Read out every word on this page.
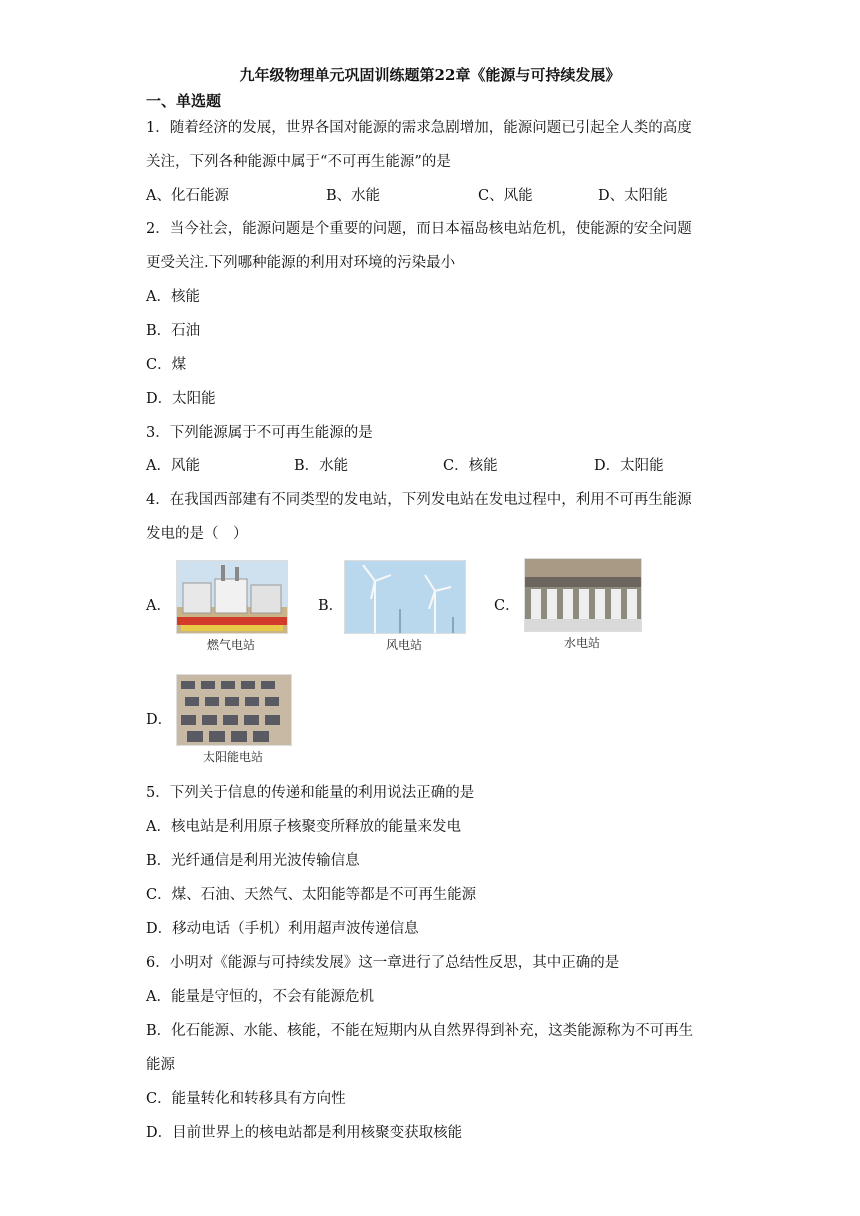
九年级物理单元巩固训练题第22章《能源与可持续发展》
一、单选题
1．随着经济的发展，世界各国对能源的需求急剧增加，能源问题已引起全人类的高度
关注，下列各种能源中属于“不可再生能源”的是
A、化石能源	B、水能	C、风能	D、太阳能
2．当今社会，能源问题是个重要的问题，而日本福岛核电站危机，使能源的安全问题
更受关注.下列哪种能源的利用对环境的污染最小
A．核能
B．石油
C．煤
D．太阳能
3．下列能源属于不可再生能源的是
A．风能	B．水能	C．核能	D．太阳能
4．在我国西部建有不同类型的发电站，下列发电站在发电过程中，利用不可再生能源
发电的是（　）
A．
燃气电站
B．
风电站
C．
水电站
D．
太阳能电站
5．下列关于信息的传递和能量的利用说法正确的是
A．核电站是利用原子核聚变所释放的能量来发电
B．光纤通信是利用光波传输信息
C．煤、石油、天然气、太阳能等都是不可再生能源
D．移动电话（手机）利用超声波传递信息
6．小明对《能源与可持续发展》这一章进行了总结性反思，其中正确的是
A．能量是守恒的，不会有能源危机
B．化石能源、水能、核能，不能在短期内从自然界得到补充，这类能源称为不可再生
能源
C．能量转化和转移具有方向性
D．目前世界上的核电站都是利用核聚变获取核能
